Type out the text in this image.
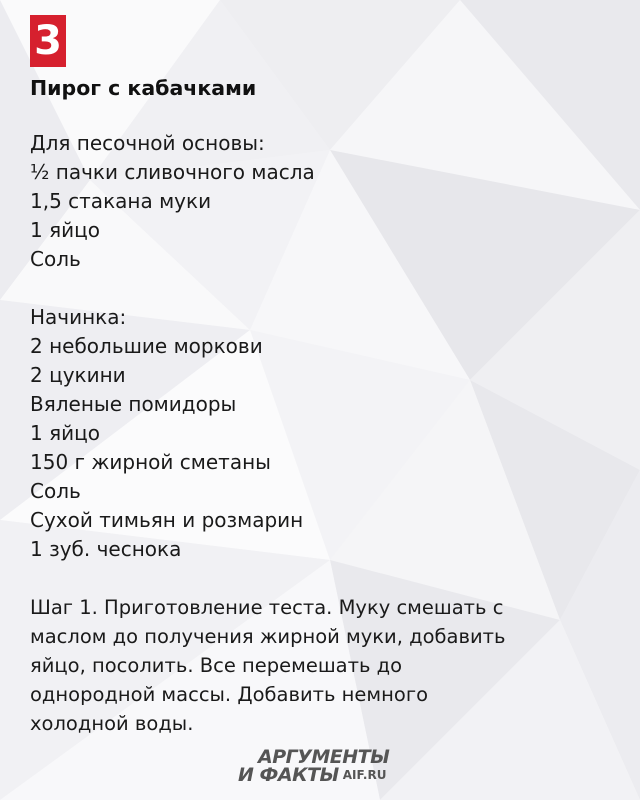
3
Пирог с кабачками
Для песочной основы:
½ пачки сливочного масла
1,5 стакана муки
1 яйцо
Соль
Начинка:
2 небольшие моркови
2 цукини
Вяленые помидоры
1 яйцо
150 г жирной сметаны
Соль
Сухой тимьян и розмарин
1 зуб. чеснока
Шаг 1. Приготовление теста. Муку смешать с
маслом до получения жирной муки, добавить
яйцо, посолить. Все перемешать до
однородной массы. Добавить немного
холодной воды.
АРГУМЕНТЫ
И ФАКТЫ AIF.RU
